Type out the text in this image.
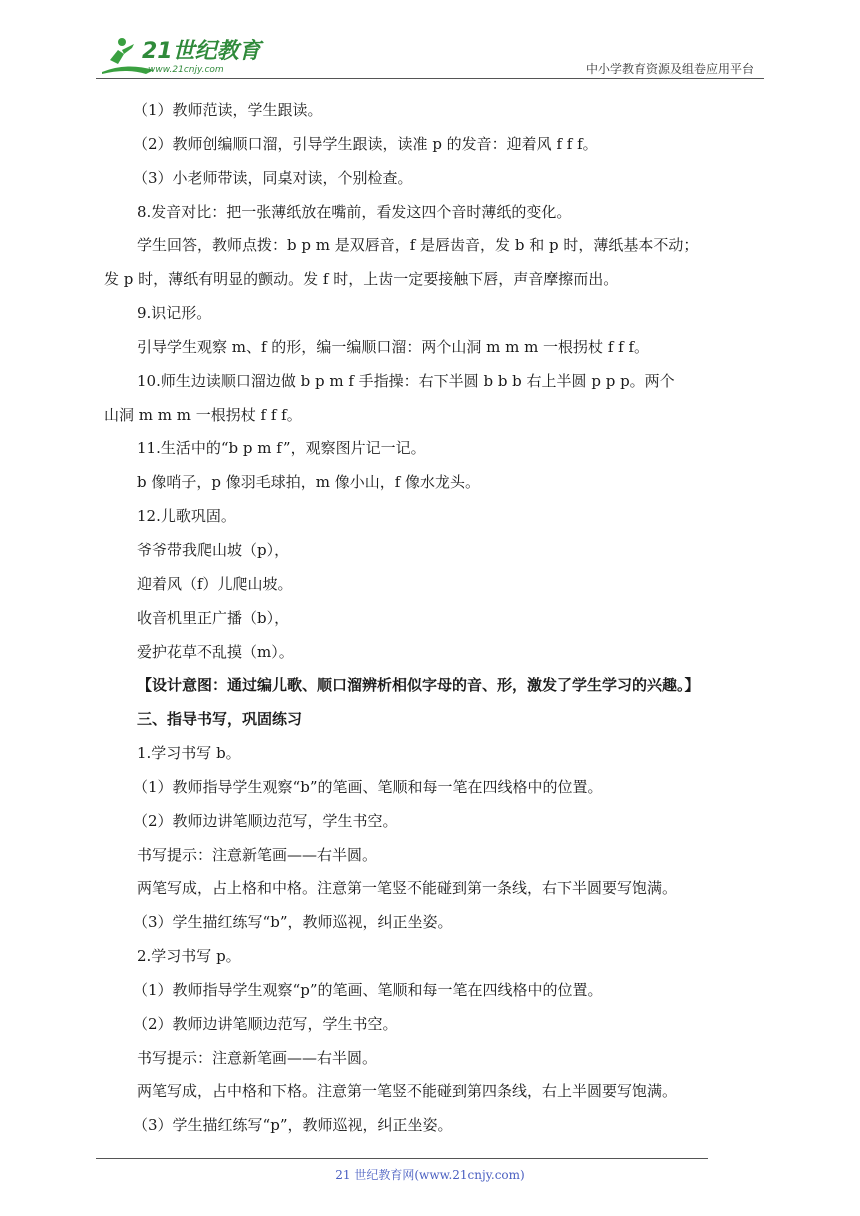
21世纪教育
www.21cnjy.com	中小学教育资源及组卷应用平台

（1）教师范读，学生跟读。

（2）教师创编顺口溜，引导学生跟读，读准 p 的发音：迎着风 f f f。

（3）小老师带读，同桌对读，个别检查。

8.发音对比：把一张薄纸放在嘴前，看发这四个音时薄纸的变化。

学生回答，教师点拨：b p m 是双唇音，f 是唇齿音，发 b 和 p 时，薄纸基本不动；

发 p 时，薄纸有明显的颤动。发 f 时，上齿一定要接触下唇，声音摩擦而出。

9.识记形。

引导学生观察 m、f 的形，编一编顺口溜：两个山洞 m m m 一根拐杖 f f f。

10.师生边读顺口溜边做 b p m f 手指操：右下半圆 b b b 右上半圆 p p p。两个

山洞 m m m 一根拐杖 f f f。

11.生活中的“b p m f”，观察图片记一记。

b 像哨子，p 像羽毛球拍，m 像小山，f 像水龙头。

12.儿歌巩固。

爷爷带我爬山坡（p），

迎着风（f）儿爬山坡。

收音机里正广播（b），

爱护花草不乱摸（m）。

【设计意图：通过编儿歌、顺口溜辨析相似字母的音、形，激发了学生学习的兴趣。】

三、指导书写，巩固练习

1.学习书写 b。

（1）教师指导学生观察“b”的笔画、笔顺和每一笔在四线格中的位置。

（2）教师边讲笔顺边范写，学生书空。

书写提示：注意新笔画——右半圆。

两笔写成，占上格和中格。注意第一笔竖不能碰到第一条线，右下半圆要写饱满。

（3）学生描红练写“b”，教师巡视，纠正坐姿。

2.学习书写 p。

（1）教师指导学生观察“p”的笔画、笔顺和每一笔在四线格中的位置。

（2）教师边讲笔顺边范写，学生书空。

书写提示：注意新笔画——右半圆。

两笔写成，占中格和下格。注意第一笔竖不能碰到第四条线，右上半圆要写饱满。

（3）学生描红练写“p”，教师巡视，纠正坐姿。

21 世纪教育网(www.21cnjy.com)
